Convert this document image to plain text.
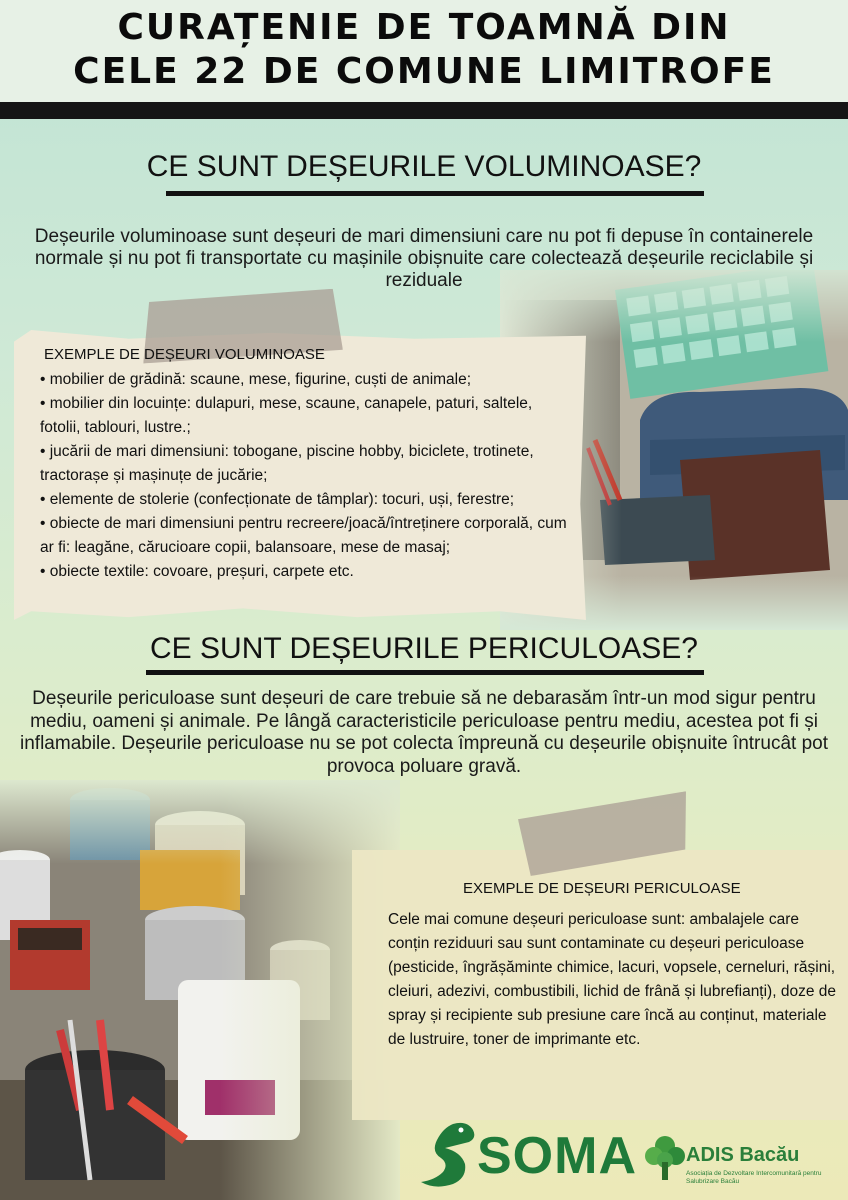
CURAȚENIE DE TOAMNĂ DIN
CELE 22 DE COMUNE LIMITROFE
CE SUNT DEȘEURILE VOLUMINOASE?
Deșeurile voluminoase sunt deșeuri de mari dimensiuni care nu pot fi depuse în containerele normale și nu pot fi transportate cu mașinile obișnuite care colectează deșeurile reciclabile și reziduale
EXEMPLE DE DEȘEURI VOLUMINOASE
• mobilier de grădină: scaune, mese, figurine, cuști de animale;
• mobilier din locuințe: dulapuri, mese, scaune, canapele, paturi, saltele, fotolii, tablouri, lustre.;
• jucării de mari dimensiuni: tobogane, piscine hobby, biciclete, trotinete, tractorașe și mașinuțe de jucărie;
• elemente de stolerie (confecționate de tâmplar): tocuri, uși, ferestre;
• obiecte de mari dimensiuni pentru recreere/joacă/întreținere corporală, cum ar fi: leagăne, cărucioare copii, balansoare, mese de masaj;
• obiecte textile: covoare, preșuri, carpete etc.
CE SUNT DEȘEURILE PERICULOASE?
Deșeurile periculoase sunt deșeuri de care trebuie să ne debarasăm într-un mod sigur pentru mediu, oameni și animale. Pe lângă caracteristicile periculoase pentru mediu, acestea pot fi și inflamabile. Deșeurile periculoase nu se pot colecta împreună cu deșeurile obișnuite întrucât pot provoca poluare gravă.
EXEMPLE DE DEȘEURI PERICULOASE
Cele mai comune deșeuri periculoase sunt: ambalajele care conțin reziduuri sau sunt contaminate cu deșeuri periculoase (pesticide, îngrășăminte chimice, lacuri, vopsele, cerneluri, rășini, cleiuri, adezivi, combustibili, lichid de frână și lubrefianți), doze de spray și recipiente sub presiune care încă au conținut, materiale de lustruire, toner de imprimante etc.
SOMA ADIS Bacău
Asociația de Dezvoltare Intercomunitară pentru Salubrizare Bacău
